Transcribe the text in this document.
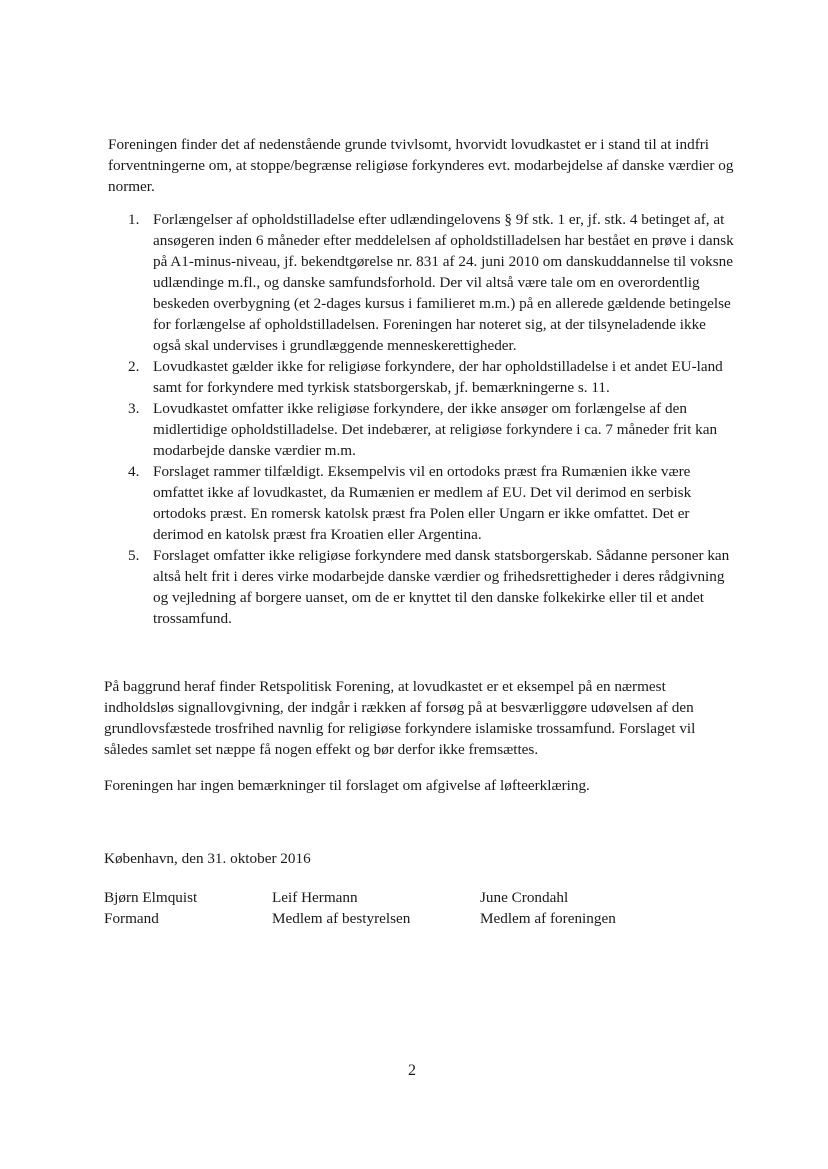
Foreningen finder det af nedenstående grunde tvivlsomt, hvorvidt lovudkastet er i stand til at indfri forventningerne om, at stoppe/begrænse religiøse forkynderes evt. modarbejdelse af danske værdier og normer.

1. Forlængelser af opholdstilladelse efter udlændingelovens § 9f stk. 1 er, jf. stk. 4 betinget af, at ansøgeren inden 6 måneder efter meddelelsen af opholdstilladelsen har bestået en prøve i dansk på A1-minus-niveau, jf. bekendtgørelse nr. 831 af 24. juni 2010 om danskuddannelse til voksne udlændinge m.fl., og danske samfundsforhold. Der vil altså være tale om en overordentlig beskeden overbygning (et 2-dages kursus i familieret m.m.) på en allerede gældende betingelse for forlængelse af opholdstilladelsen. Foreningen har noteret sig, at der tilsyneladende ikke også skal undervises i grundlæggende menneskerettigheder.
2. Lovudkastet gælder ikke for religiøse forkyndere, der har opholdstilladelse i et andet EU-land samt for forkyndere med tyrkisk statsborgerskab, jf. bemærkningerne s. 11.
3. Lovudkastet omfatter ikke religiøse forkyndere, der ikke ansøger om forlængelse af den midlertidige opholdstilladelse. Det indebærer, at religiøse forkyndere i ca. 7 måneder frit kan modarbejde danske værdier m.m.
4. Forslaget rammer tilfældigt. Eksempelvis vil en ortodoks præst fra Rumænien ikke være omfattet ikke af lovudkastet, da Rumænien er medlem af EU. Det vil derimod en serbisk ortodoks præst. En romersk katolsk præst fra Polen eller Ungarn er ikke omfattet. Det er derimod en katolsk præst fra Kroatien eller Argentina.
5. Forslaget omfatter ikke religiøse forkyndere med dansk statsborgerskab. Sådanne personer kan altså helt frit i deres virke modarbejde danske værdier og frihedsrettigheder i deres rådgivning og vejledning af borgere uanset, om de er knyttet til den danske folkekirke eller til et andet trossamfund.

På baggrund heraf finder Retspolitisk Forening, at lovudkastet er et eksempel på en nærmest indholdsløs signallovgivning, der indgår i rækken af forsøg på at besværliggøre udøvelsen af den grundlovsfæstede trosfrihed navnlig for religiøse forkyndere islamiske trossamfund. Forslaget vil således samlet set næppe få nogen effekt og bør derfor ikke fremsættes.

Foreningen har ingen bemærkninger til forslaget om afgivelse af løfteerklæring.

København, den 31. oktober 2016

Bjørn Elmquist
Formand
Leif Hermann
Medlem af bestyrelsen
June Crondahl
Medlem af foreningen
2
